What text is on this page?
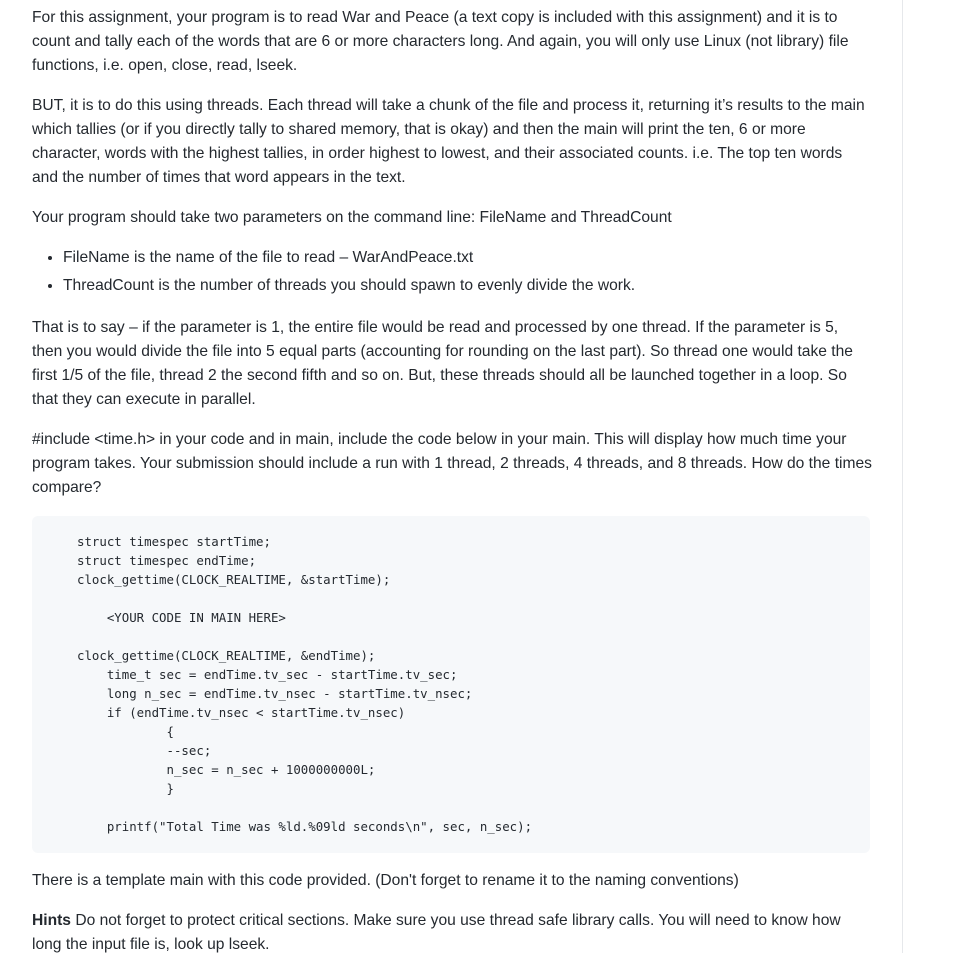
For this assignment, your program is to read War and Peace (a text copy is included with this assignment) and it is to count and tally each of the words that are 6 or more characters long. And again, you will only use Linux (not library) file functions, i.e. open, close, read, lseek.

BUT, it is to do this using threads. Each thread will take a chunk of the file and process it, returning it’s results to the main which tallies (or if you directly tally to shared memory, that is okay) and then the main will print the ten, 6 or more character, words with the highest tallies, in order highest to lowest, and their associated counts. i.e. The top ten words and the number of times that word appears in the text.

Your program should take two parameters on the command line: FileName and ThreadCount

• FileName is the name of the file to read – WarAndPeace.txt
• ThreadCount is the number of threads you should spawn to evenly divide the work.

That is to say – if the parameter is 1, the entire file would be read and processed by one thread. If the parameter is 5, then you would divide the file into 5 equal parts (accounting for rounding on the last part). So thread one would take the first 1/5 of the file, thread 2 the second fifth and so on. But, these threads should all be launched together in a loop. So that they can execute in parallel.

#include <time.h> in your code and in main, include the code below in your main. This will display how much time your program takes. Your submission should include a run with 1 thread, 2 threads, 4 threads, and 8 threads. How do the times compare?

struct timespec startTime;
struct timespec endTime;
clock_gettime(CLOCK_REALTIME, &startTime);
<YOUR CODE IN MAIN HERE>
clock_gettime(CLOCK_REALTIME, &endTime);
time_t sec = endTime.tv_sec - startTime.tv_sec;
long n_sec = endTime.tv_nsec - startTime.tv_nsec;
if (endTime.tv_nsec < startTime.tv_nsec)
{
--sec;
n_sec = n_sec + 1000000000L;
}
printf("Total Time was %ld.%09ld seconds\n", sec, n_sec);

There is a template main with this code provided. (Don't forget to rename it to the naming conventions)

Hints Do not forget to protect critical sections. Make sure you use thread safe library calls. You will need to know how long the input file is, look up lseek.
